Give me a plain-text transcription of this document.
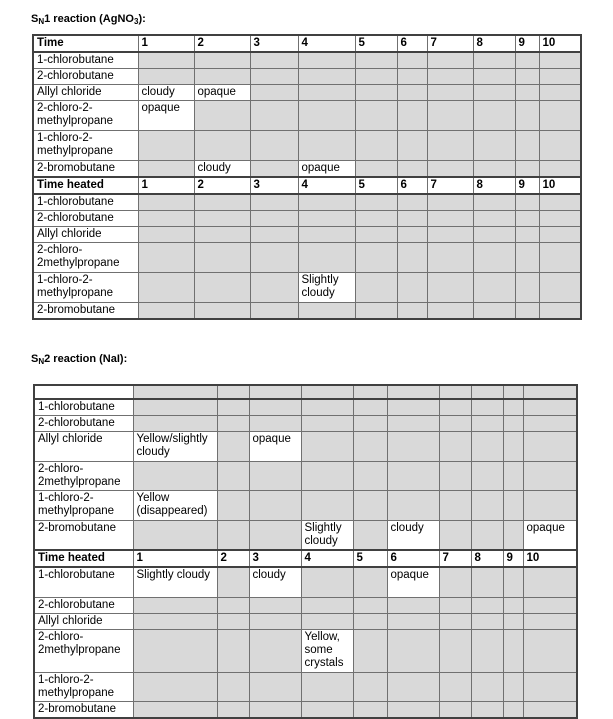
$S_N1$ reaction (AgNO$_3$):

Time	1	2	3	4	5	6	7	8	9	10
1-chlorobutane										
2-chlorobutane										
Allyl chloride	cloudy	opaque								
2-chloro-2-methylpropane	opaque									
1-chloro-2-methylpropane										
2-bromobutane		cloudy		opaque						
Time heated	1	2	3	4	5	6	7	8	9	10
1-chlorobutane										
2-chlorobutane										
Allyl chloride										
2-chloro-2methylpropane										
1-chloro-2-methylpropane				Slightly cloudy						
2-bromobutane										

$S_N2$ reaction (NaI):

1-chlorobutane										
2-chlorobutane										
Allyl chloride	Yellow/slightly cloudy		opaque							
2-chloro-2methylpropane										
1-chloro-2-methylpropane	Yellow (disappeared)									
2-bromobutane				Slightly cloudy		cloudy				opaque
Time heated	1	2	3	4	5	6	7	8	9	10
1-chlorobutane	Slightly cloudy		cloudy			opaque				
2-chlorobutane										
Allyl chloride										
2-chloro-2methylpropane				Yellow, some crystals						
1-chloro-2-methylpropane										
2-bromobutane										
